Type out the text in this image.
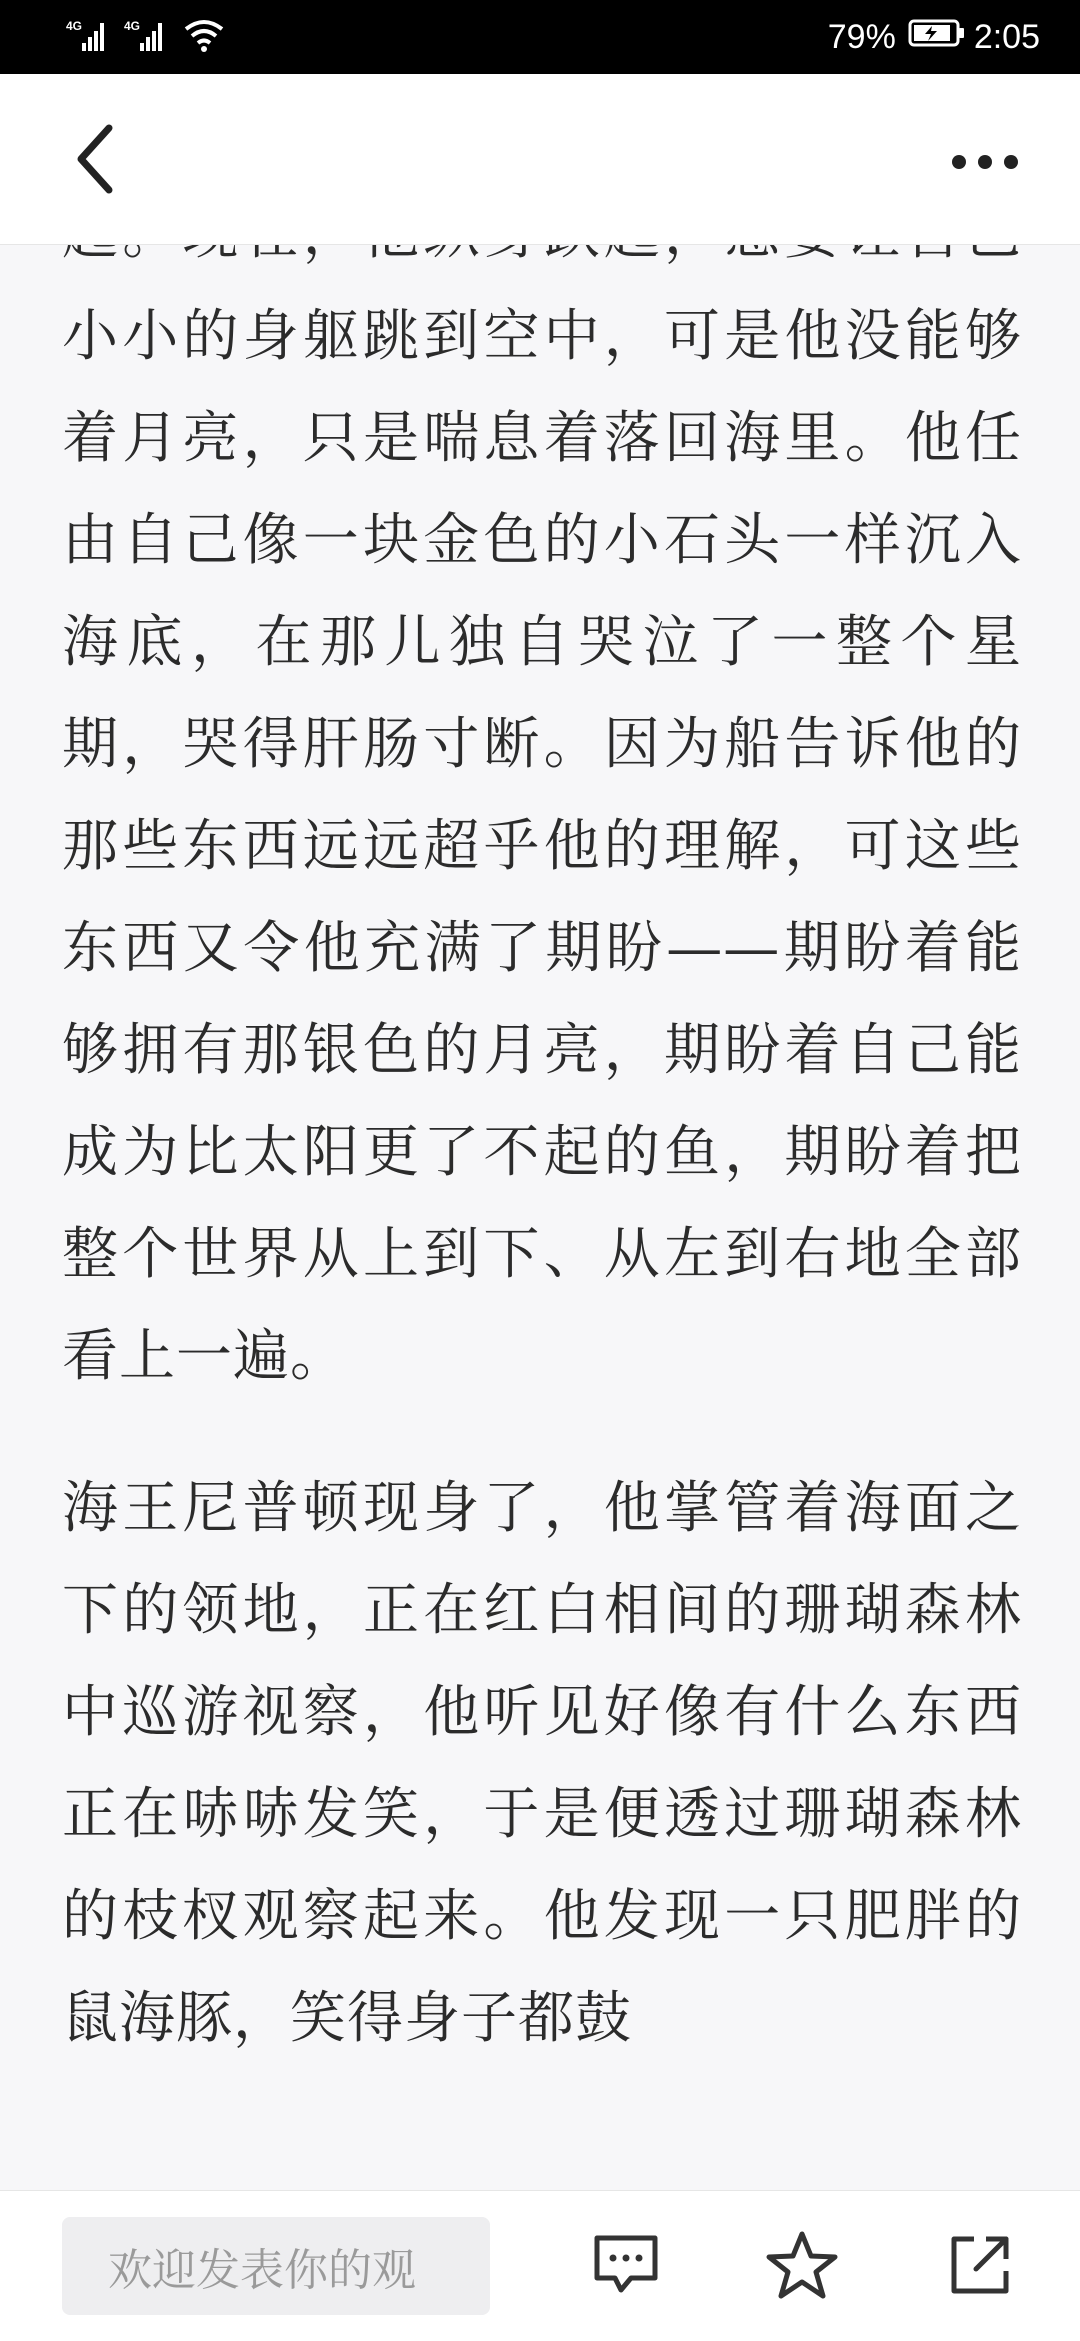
4G	4G	79% 2:05

小小的身躯跳到空中，可是他没能够着月亮，只是喘息着落回海里。他任由自己像一块金色的小石头一样沉入海底，在那儿独自哭泣了一整个星期，哭得肝肠寸断。因为船告诉他的那些东西远远超乎他的理解，可这些东西又令他充满了期盼——期盼着能够拥有那银色的月亮，期盼着自己能成为比太阳更了不起的鱼，期盼着把整个世界从上到下、从左到右地全部看上一遍。

海王尼普顿现身了，他掌管着海面之下的领地，正在红白相间的珊瑚森林中巡游视察，他听见好像有什么东西正在哧哧发笑，于是便透过珊瑚森林的枝杈观察起来。他发现一只肥胖的鼠海豚，笑得身子都鼓

欢迎发表你的观
